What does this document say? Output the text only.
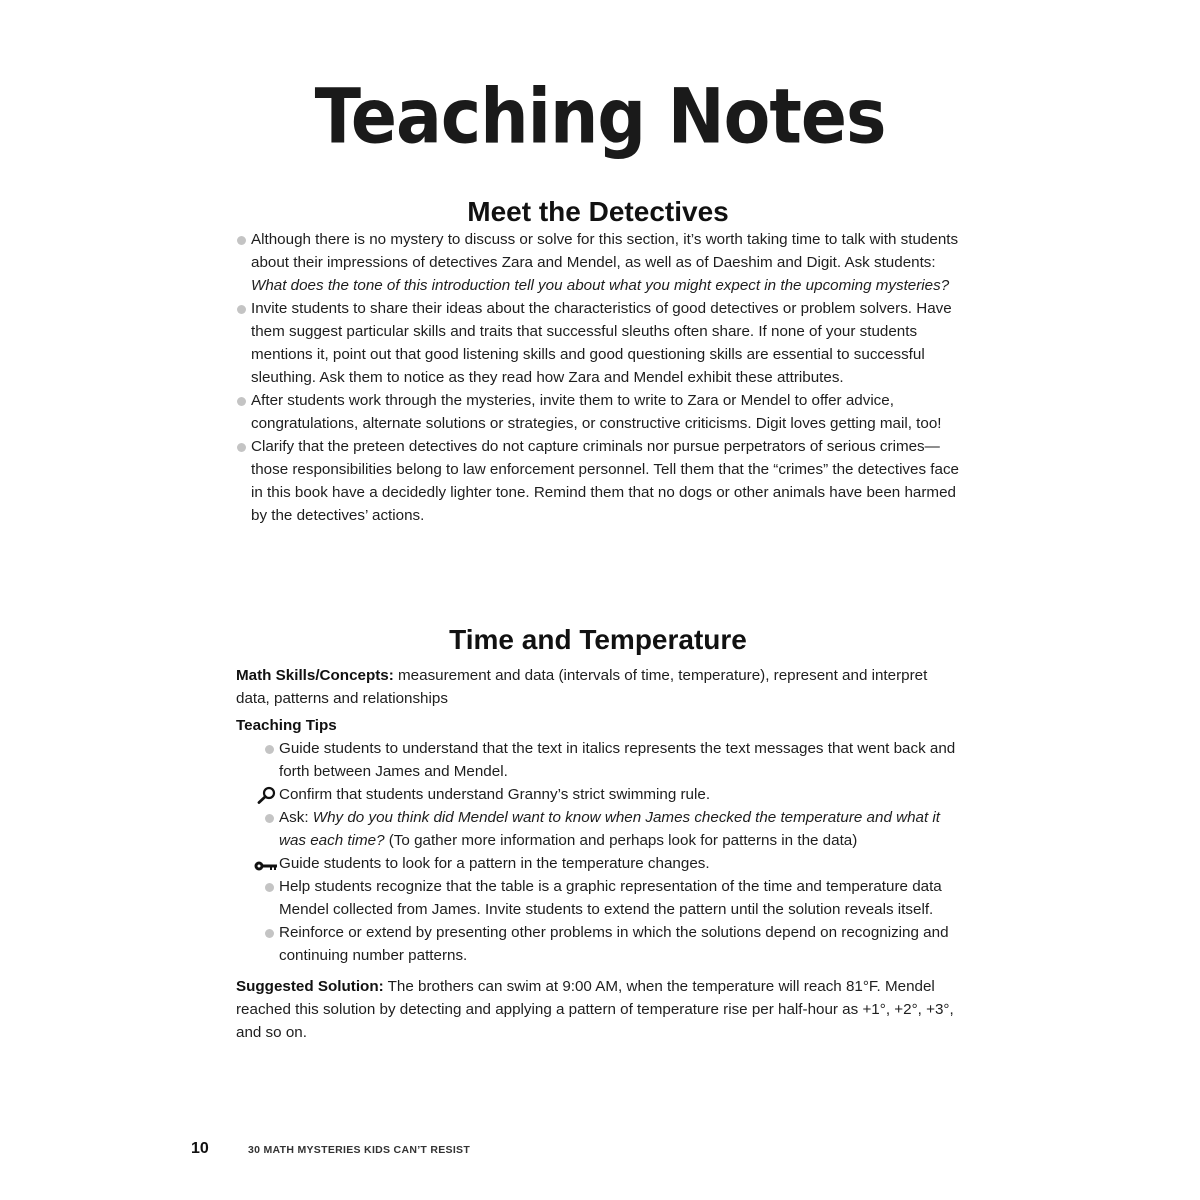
Teaching Notes
Meet the Detectives
Although there is no mystery to discuss or solve for this section, it’s worth taking time to talk with students about their impressions of detectives Zara and Mendel, as well as of Daeshim and Digit. Ask students: What does the tone of this introduction tell you about what you might expect in the upcoming mysteries?
Invite students to share their ideas about the characteristics of good detectives or problem solvers. Have them suggest particular skills and traits that successful sleuths often share. If none of your students mentions it, point out that good listening skills and good questioning skills are essential to successful sleuthing. Ask them to notice as they read how Zara and Mendel exhibit these attributes.
After students work through the mysteries, invite them to write to Zara or Mendel to offer advice, congratulations, alternate solutions or strategies, or constructive criticisms. Digit loves getting mail, too!
Clarify that the preteen detectives do not capture criminals nor pursue perpetrators of serious crimes—those responsibilities belong to law enforcement personnel. Tell them that the “crimes” the detectives face in this book have a decidedly lighter tone. Remind them that no dogs or other animals have been harmed by the detectives’ actions.
Time and Temperature

Math Skills/Concepts: measurement and data (intervals of time, temperature), represent and interpret data, patterns and relationships

Teaching Tips

Guide students to understand that the text in italics represents the text messages that went back and forth between James and Mendel.
Confirm that students understand Granny’s strict swimming rule.
Ask: Why do you think did Mendel want to know when James checked the temperature and what it was each time? (To gather more information and perhaps look for patterns in the data)
Guide students to look for a pattern in the temperature changes.
Help students recognize that the table is a graphic representation of the time and temperature data Mendel collected from James. Invite students to extend the pattern until the solution reveals itself.
Reinforce or extend by presenting other problems in which the solutions depend on recognizing and continuing number patterns.

Suggested Solution: The brothers can swim at 9:00 AM, when the temperature will reach 81°F. Mendel reached this solution by detecting and applying a pattern of temperature rise per half-hour as +1°, +2°, +3°, and so on.

10	30 MATH MYSTERIES KIDS CAN’T RESIST
